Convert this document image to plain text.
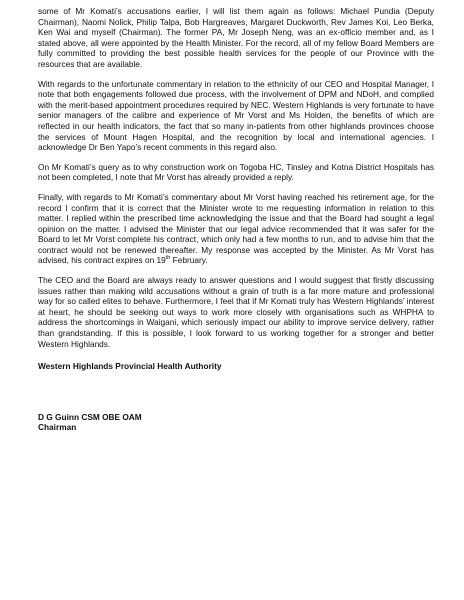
some of Mr Komati’s accusations earlier, I will list them again as follows: Michael Pundia (Deputy Chairman), Naomi Nolick, Philip Talpa, Bob Hargreaves, Margaret Duckworth, Rev James Koi, Leo Berka, Ken Wai and myself (Chairman). The former PA, Mr Joseph Neng, was an ex-officio member and, as I stated above, all were appointed by the Health Minister. For the record, all of my fellow Board Members are fully committed to providing the best possible health services for the people of our Province with the resources that are available.

With regards to the unfortunate commentary in relation to the ethnicity of our CEO and Hospital Manager, I note that both engagements followed due process, with the involvement of DPM and NDoH, and complied with the merit-based appointment procedures required by NEC. Western Highlands is very fortunate to have senior managers of the calibre and experience of Mr Vorst and Ms Holden, the benefits of which are reflected in our health indicators, the fact that so many in-patients from other highlands provinces choose the services of Mount Hagen Hospital, and the recognition by local and international agencies. I acknowledge Dr Ben Yapo’s recent comments in this regard also.

On Mr Komati’s query as to why construction work on Togoba HC, Tinsley and Kotna District Hospitals has not been completed, I note that Mr Vorst has already provided a reply.

Finally, with regards to Mr Komati’s commentary about Mr Vorst having reached his retirement age, for the record I confirm that it is correct that the Minister wrote to me requesting information in relation to this matter. I replied within the prescribed time acknowledging the issue and that the Board had sought a legal opinion on the matter. I advised the Minister that our legal advice recommended that it was safer for the Board to let Mr Vorst complete his contract, which only had a few months to run, and to advise him that the contract would not be renewed thereafter. My response was accepted by the Minister. As Mr Vorst has advised, his contract expires on 19th February.

The CEO and the Board are always ready to answer questions and I would suggest that firstly discussing issues rather than making wild accusations without a grain of truth is a far more mature and professional way for so called elites to behave. Furthermore, I feel that if Mr Komati truly has Western Highlands’ interest at heart, he should be seeking out ways to work more closely with organisations such as WHPHA to address the shortcomings in Waigani, which seriously impact our ability to improve service delivery, rather than grandstanding. If this is possible, I look forward to us working together for a stronger and better Western Highlands.

Western Highlands Provincial Health Authority

D G Guinn CSM OBE OAM

Chairman
